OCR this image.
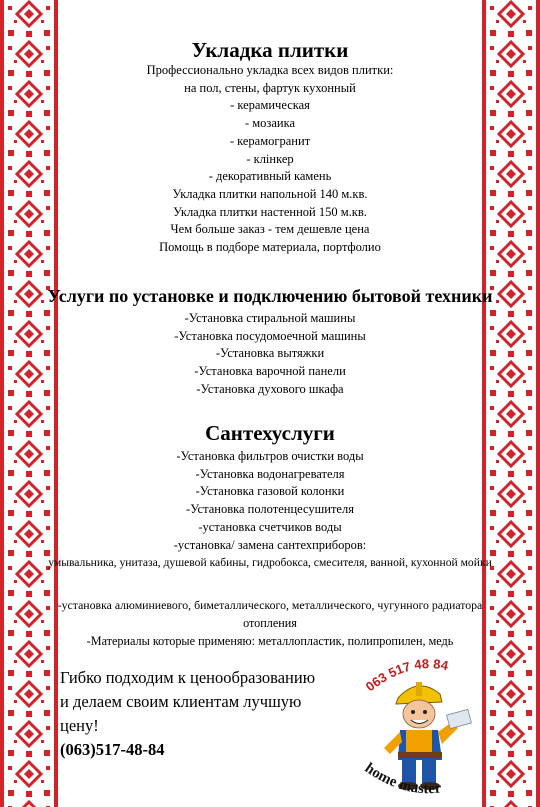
Укладка плитки
Профессионально укладка всех видов плитки:
на пол, стены, фартук кухонный
- керамическая
- мозаика
- керамогранит
- клінкер
- декоративный камень
Укладка плитки напольной 140 м.кв.
Укладка плитки настенной 150 м.кв.
Чем больше заказ - тем дешевле цена
Помощь в подборе материала, портфолио
Услуги по установке и подключению бытовой техники
-Установка стиральной машины
-Установка посудомоечной машины
-Установка вытяжки
-Установка варочной панели
-Установка духового шкафа
Сантехуслуги
-Установка фильтров очистки воды
-Установка водонагревателя
-Установка газовой колонки
-Установка полотенцесушителя
-установка счетчиков воды
-установка/ замена сантехприборов:
умывальника, унитаза, душевой кабины, гидробокса, смесителя, ванной, кухонной мойки
-установка алюминиевого, биметаллического, металлического, чугунного радиатора
отопления
-Материалы которые применяю: металлопластик, полипропилен, медь
Гибко подходим к ценообразованию
и делаем своим клиентам лучшую
цену!
(063)517-48-84
063 517 48 84
home master
